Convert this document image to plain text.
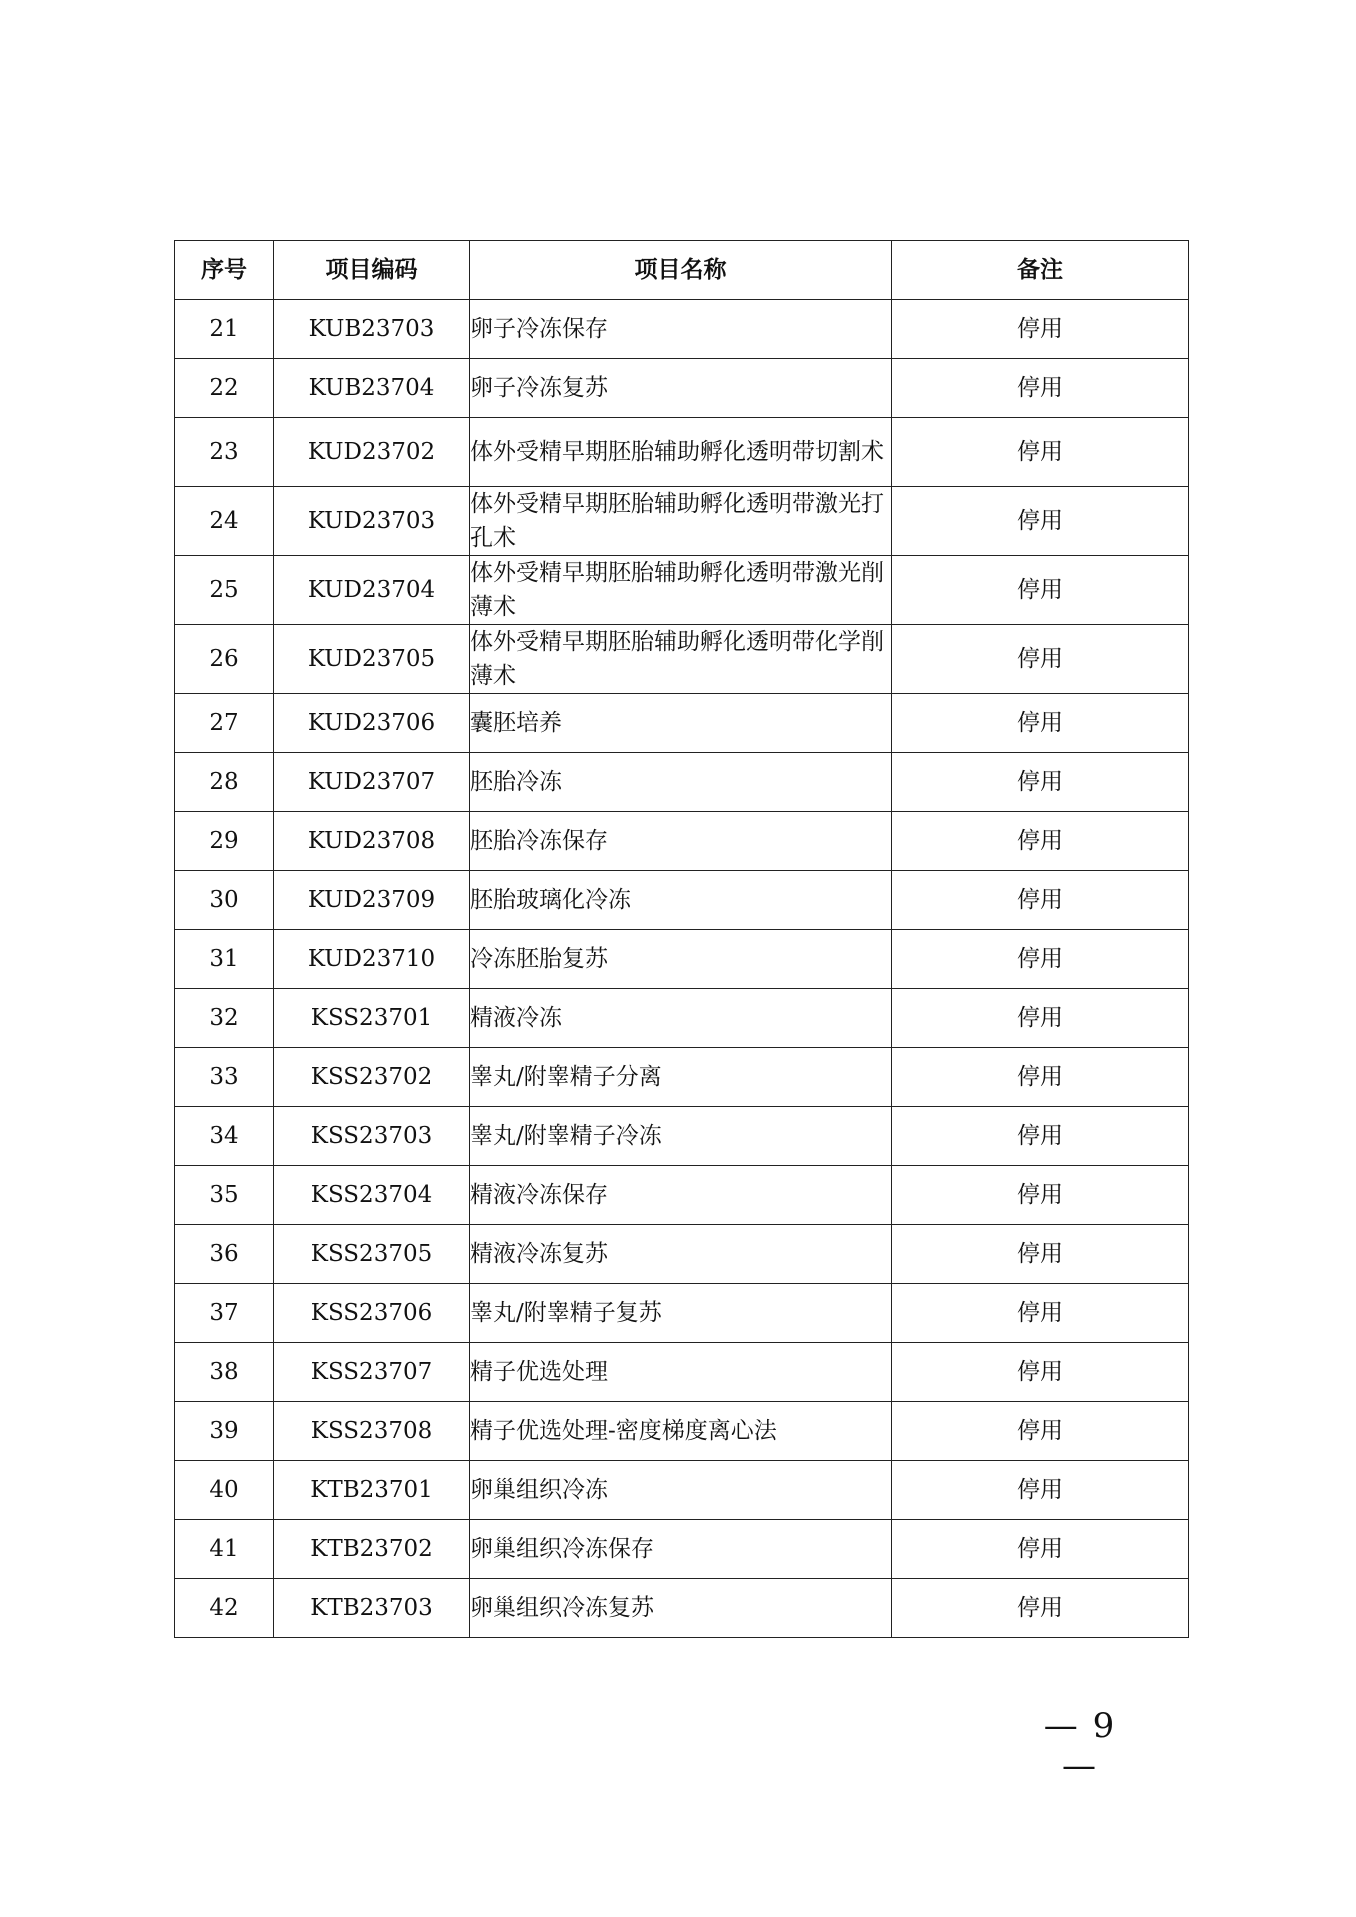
序号	项目编码	项目名称	备注
21	KUB23703	卵子冷冻保存	停用
22	KUB23704	卵子冷冻复苏	停用
23	KUD23702	体外受精早期胚胎辅助孵化透明带切割术	停用
24	KUD23703	体外受精早期胚胎辅助孵化透明带激光打孔术	停用
25	KUD23704	体外受精早期胚胎辅助孵化透明带激光削薄术	停用
26	KUD23705	体外受精早期胚胎辅助孵化透明带化学削薄术	停用
27	KUD23706	囊胚培养	停用
28	KUD23707	胚胎冷冻	停用
29	KUD23708	胚胎冷冻保存	停用
30	KUD23709	胚胎玻璃化冷冻	停用
31	KUD23710	冷冻胚胎复苏	停用
32	KSS23701	精液冷冻	停用
33	KSS23702	睾丸/附睾精子分离	停用
34	KSS23703	睾丸/附睾精子冷冻	停用
35	KSS23704	精液冷冻保存	停用
36	KSS23705	精液冷冻复苏	停用
37	KSS23706	睾丸/附睾精子复苏	停用
38	KSS23707	精子优选处理	停用
39	KSS23708	精子优选处理-密度梯度离心法	停用
40	KTB23701	卵巢组织冷冻	停用
41	KTB23702	卵巢组织冷冻保存	停用
42	KTB23703	卵巢组织冷冻复苏	停用
— 9 —
